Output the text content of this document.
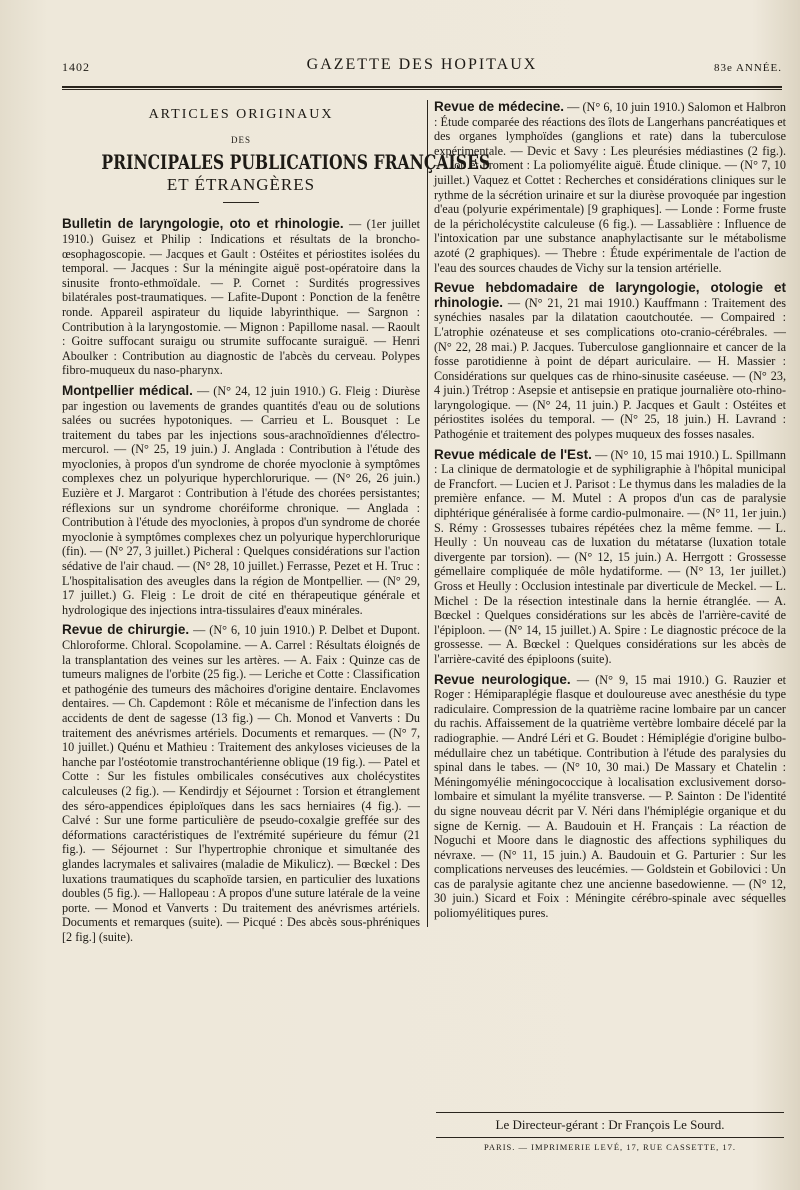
1402	GAZETTE DES HOPITAUX	83e ANNÉE.
ARTICLES ORIGINAUX
DES
PRINCIPALES PUBLICATIONS FRANÇAISES
ET ÉTRANGÈRES

Bulletin de laryngologie, oto et rhinologie. — (1er juillet 1910.) Guisez et Philip : Indications et résultats de la broncho-œsophagoscopie. — Jacques et Gault : Ostéites et périostites isolées du temporal. — Jacques : Sur la méningite aiguë post-opératoire dans la sinusite fronto-ethmoïdale. — P. Cornet : Surdités progressives bilatérales post-traumatiques. — Lafite-Dupont : Ponction de la fenêtre ronde. Appareil aspirateur du liquide labyrinthique. — Sargnon : Contribution à la laryngostomie. — Mignon : Papillome nasal. — Raoult : Goitre suffocant suraigu ou strumite suffocante suraiguë. — Henri Aboulker : Contribution au diagnostic de l'abcès du cerveau. Polypes fibro-muqueux du naso-pharynx.

Montpellier médical. — (N° 24, 12 juin 1910.) G. Fleig : Diurèse par ingestion ou lavements de grandes quantités d'eau ou de solutions salées ou sucrées hypotoniques. — Carrieu et L. Bousquet : Le traitement du tabes par les injections sous-arachnoïdiennes d'électro-mercurol. — (N° 25, 19 juin.) J. Anglada : Contribution à l'étude des myoclonies, à propos d'un syndrome de chorée myoclonie à symptômes complexes chez un polyurique hyperchlorurique. — (N° 26, 26 juin.) Euzière et J. Margarot : Contribution à l'étude des chorées persistantes; réflexions sur un syndrome choréiforme chronique. — Anglada : Contribution à l'étude des myoclonies, à propos d'un syndrome de chorée myoclonie à symptômes complexes chez un polyurique hyperchlorurique (fin). — (N° 27, 3 juillet.) Picheral : Quelques considérations sur l'action sédative de l'air chaud. — (N° 28, 10 juillet.) Ferrasse, Pezet et H. Truc : L'hospitalisation des aveugles dans la région de Montpellier. — (N° 29, 17 juillet.) G. Fleig : Le droit de cité en thérapeutique générale et hydrologique des injections intra-tissulaires d'eaux minérales.

Revue de chirurgie. — (N° 6, 10 juin 1910.) P. Delbet et Dupont. Chloroforme. Chloral. Scopolamine. — A. Carrel : Résultats éloignés de la transplantation des veines sur les artères. — A. Faix : Quinze cas de tumeurs malignes de l'orbite (25 fig.). — Leriche et Cotte : Classification et pathogénie des tumeurs des mâchoires d'origine dentaire. Enclavomes dentaires. — Ch. Capdemont : Rôle et mécanisme de l'infection dans les accidents de dent de sagesse (13 fig.) — Ch. Monod et Vanverts : Du traitement des anévrismes artériels. Documents et remarques. — (N° 7, 10 juillet.) Quénu et Mathieu : Traitement des ankyloses vicieuses de la hanche par l'ostéotomie transtrochantérienne oblique (19 fig.). — Patel et Cotte : Sur les fistules ombilicales consécutives aux cholécystites calculeuses (2 fig.). — Kendirdjy et Séjournet : Torsion et étranglement des séro-appendices épiploïques dans les sacs herniaires (4 fig.). — Calvé : Sur une forme particulière de pseudo-coxalgie greffée sur des déformations caractéristiques de l'extrémité supérieure du fémur (21 fig.). — Séjournet : Sur l'hypertrophie chronique et simultanée des glandes lacrymales et salivaires (maladie de Mikulicz). — Bœckel : Des luxations traumatiques du scaphoïde tarsien, en particulier des luxations doubles (5 fig.). — Hallopeau : A propos d'une suture latérale de la veine porte. — Monod et Vanverts : Du traitement des anévrismes artériels. Documents et remarques (suite). — Picqué : Des abcès sous-phréniques [2 fig.] (suite).

Revue de médecine. — (N° 6, 10 juin 1910.) Salomon et Halbron : Étude comparée des réactions des îlots de Langerhans pancréatiques et des organes lymphoïdes (ganglions et rate) dans la tuberculose expérimentale. — Devic et Savy : Les pleurésies médiastines (2 fig.). — Job et Froment : La poliomyélite aiguë. Étude clinique. — (N° 7, 10 juillet.) Vaquez et Cottet : Recherches et considérations cliniques sur le rythme de la sécrétion urinaire et sur la diurèse provoquée par ingestion d'eau (polyurie expérimentale) [9 graphiques]. — Londe : Forme fruste de la péricholécystite calculeuse (6 fig.). — Lassablière : Influence de l'intoxication par une substance anaphylactisante sur le métabolisme azoté (2 graphiques). — Thebre : Étude expérimentale de l'action de l'eau des sources chaudes de Vichy sur la tension artérielle.

Revue hebdomadaire de laryngologie, otologie et rhinologie. — (N° 21, 21 mai 1910.) Kauffmann : Traitement des synéchies nasales par la dilatation caoutchoutée. — Compaired : L'atrophie ozénateuse et ses complications oto-cranio-cérébrales. — (N° 22, 28 mai.) P. Jacques. Tuberculose ganglionnaire et cancer de la fosse parotidienne à point de départ auriculaire. — H. Massier : Considérations sur quelques cas de rhino-sinusite caséeuse. — (N° 23, 4 juin.) Trétrop : Asepsie et antisepsie en pratique journalière oto-rhino-laryngologique. — (N° 24, 11 juin.) P. Jacques et Gault : Ostéites et périostites isolées du temporal. — (N° 25, 18 juin.) H. Lavrand : Pathogénie et traitement des polypes muqueux des fosses nasales.

Revue médicale de l'Est. — (N° 10, 15 mai 1910.) L. Spillmann : La clinique de dermatologie et de syphiligraphie à l'hôpital municipal de Francfort. — Lucien et J. Parisot : Le thymus dans les maladies de la première enfance. — M. Mutel : A propos d'un cas de paralysie diphtérique généralisée à forme cardio-pulmonaire. — (N° 11, 1er juin.) S. Rémy : Grossesses tubaires répétées chez la même femme. — L. Heully : Un nouveau cas de luxation du métatarse (luxation totale divergente par torsion). — (N° 12, 15 juin.) A. Herrgott : Grossesse gémellaire compliquée de môle hydatiforme. — (N° 13, 1er juillet.) Gross et Heully : Occlusion intestinale par diverticule de Meckel. — L. Michel : De la résection intestinale dans la hernie étranglée. — A. Bœckel : Quelques considérations sur les abcès de l'arrière-cavité de l'épiploon. — (N° 14, 15 juillet.) A. Spire : Le diagnostic précoce de la grossesse. — A. Bœckel : Quelques considérations sur les abcès de l'arrière-cavité des épiploons (suite).

Revue neurologique. — (N° 9, 15 mai 1910.) G. Rauzier et Roger : Hémiparaplégie flasque et douloureuse avec anesthésie du type radiculaire. Compression de la quatrième racine lombaire par un cancer du rachis. Affaissement de la quatrième vertèbre lombaire décelé par la radiographie. — André Léri et G. Boudet : Hémiplégie d'origine bulbo-médullaire chez un tabétique. Contribution à l'étude des paralysies du spinal dans le tabes. — (N° 10, 30 mai.) De Massary et Chatelin : Méningomyélie méningococcique à localisation exclusivement dorso-lombaire et simulant la myélite transverse. — P. Sainton : De l'identité du signe nouveau décrit par V. Néri dans l'hémiplégie organique et du signe de Kernig. — A. Baudouin et H. Français : La réaction de Noguchi et Moore dans le diagnostic des affections syphiliques du névraxe. — (N° 11, 15 juin.) A. Baudouin et G. Parturier : Sur les complications nerveuses des leucémies. — Goldstein et Gobilovici : Un cas de paralysie agitante chez une ancienne basedowienne. — (N° 12, 30 juin.) Sicard et Foix : Méningite cérébro-spinale avec séquelles poliomyélitiques pures.

Le Directeur-gérant : Dr François Le Sourd.
PARIS. — IMPRIMERIE LEVÉ, 17, RUE CASSETTE, 17.
